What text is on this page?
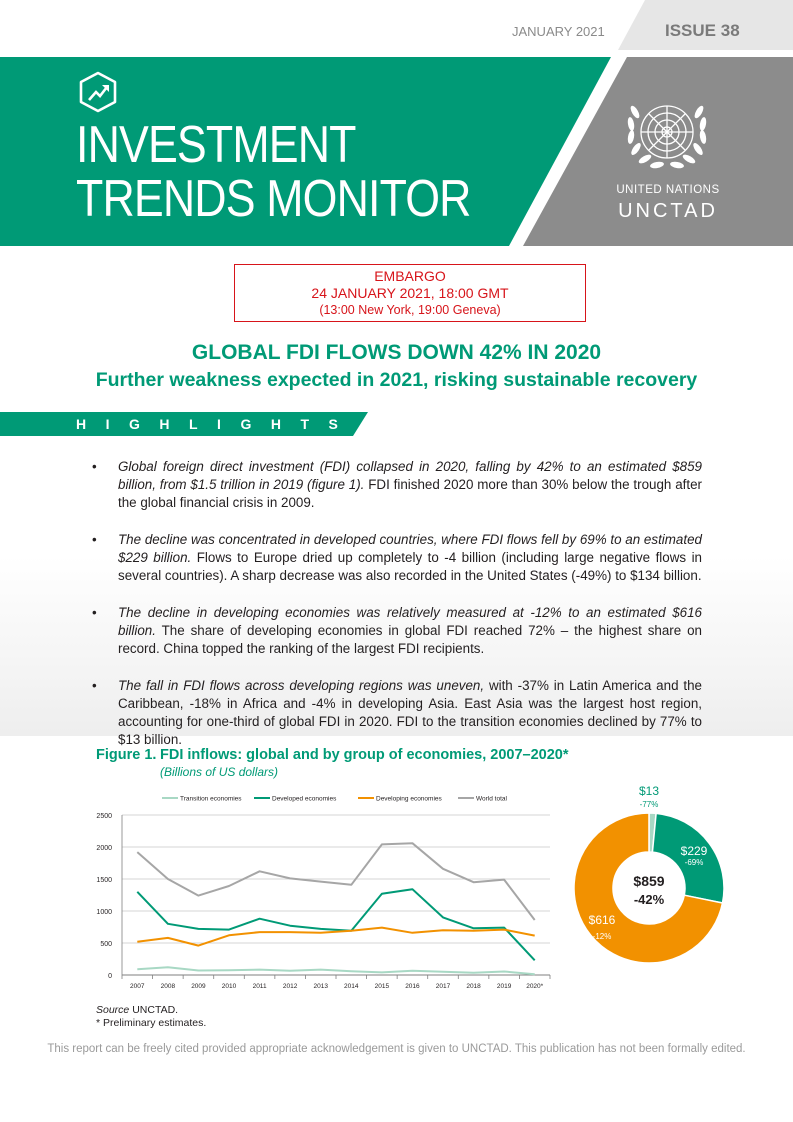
JANUARY 2021	ISSUE 38
INVESTMENT
TRENDS MONITOR	UNITED NATIONS
UNCTAD
EMBARGO
24 JANUARY 2021, 18:00 GMT
(13:00 New York, 19:00 Geneva)
GLOBAL FDI FLOWS DOWN 42% IN 2020
Further weakness expected in 2021, risking sustainable recovery
HIGHLIGHTS
• Global foreign direct investment (FDI) collapsed in 2020, falling by 42% to an estimated $859 billion, from $1.5 trillion in 2019 (figure 1). FDI finished 2020 more than 30% below the trough after the global financial crisis in 2009.
• The decline was concentrated in developed countries, where FDI flows fell by 69% to an estimated $229 billion. Flows to Europe dried up completely to -4 billion (including large negative flows in several countries). A sharp decrease was also recorded in the United States (-49%) to $134 billion.
• The decline in developing economies was relatively measured at -12% to an estimated $616 billion. The share of developing economies in global FDI reached 72% – the highest share on record. China topped the ranking of the largest FDI recipients.
• The fall in FDI flows across developing regions was uneven, with -37% in Latin America and the Caribbean, -18% in Africa and -4% in developing Asia. East Asia was the largest host region, accounting for one-third of global FDI in 2020. FDI to the transition economies declined by 77% to $13 billion.
Figure 1. FDI inflows: global and by group of economies, 2007–2020*
(Billions of US dollars)
0
500
1000
1500
2000
2500
2007 2008 2009 2010	2011	2012 2013 2014 2015 2016 2017 2018 2019 2020*
Transition economies	Developed economies	Developing economies	World total
$13
-77%
$229
-69%
$616
-12%
$859
-42%
Source UNCTAD.
* Preliminary estimates.
This report can be freely cited provided appropriate acknowledgement is given to UNCTAD. This publication has not been formally edited.
